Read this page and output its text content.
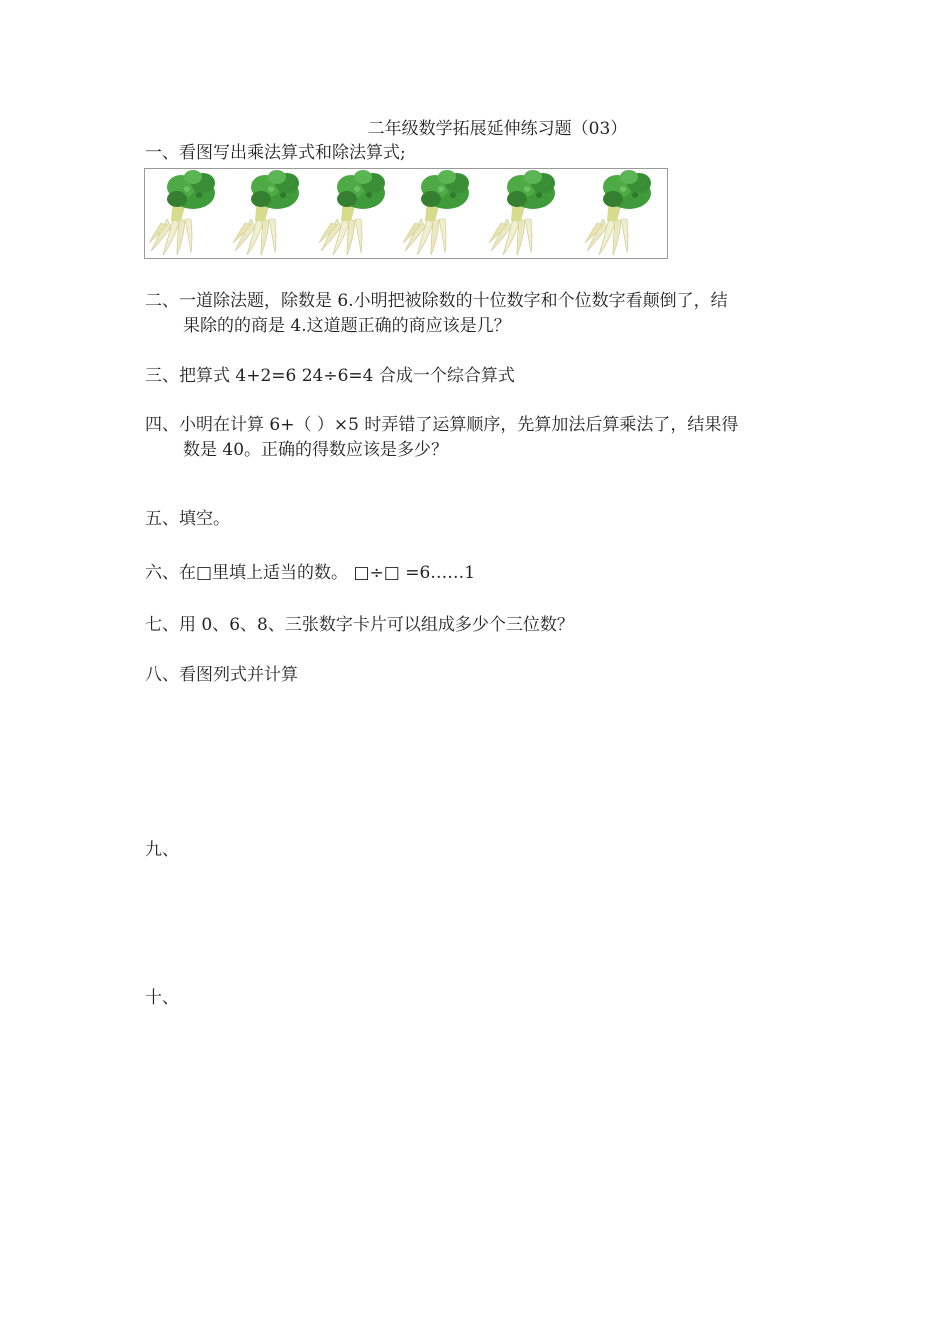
二年级数学拓展延伸练习题（03）
一、看图写出乘法算式和除法算式;
二、一道除法题，除数是 6.小明把被除数的十位数字和个位数字看颠倒了，结
果除的的商是 4.这道题正确的商应该是几？
三、把算式 4+2=6 24÷6=4 合成一个综合算式
四、小明在计算 6+（ ）×5 时弄错了运算顺序，先算加法后算乘法了，结果得
数是 40。正确的得数应该是多少？
五、填空。
六、在□里填上适当的数。 □÷□ =6……1
七、用 0、6、8、三张数字卡片可以组成多少个三位数？
八、看图列式并计算
九、
十、
